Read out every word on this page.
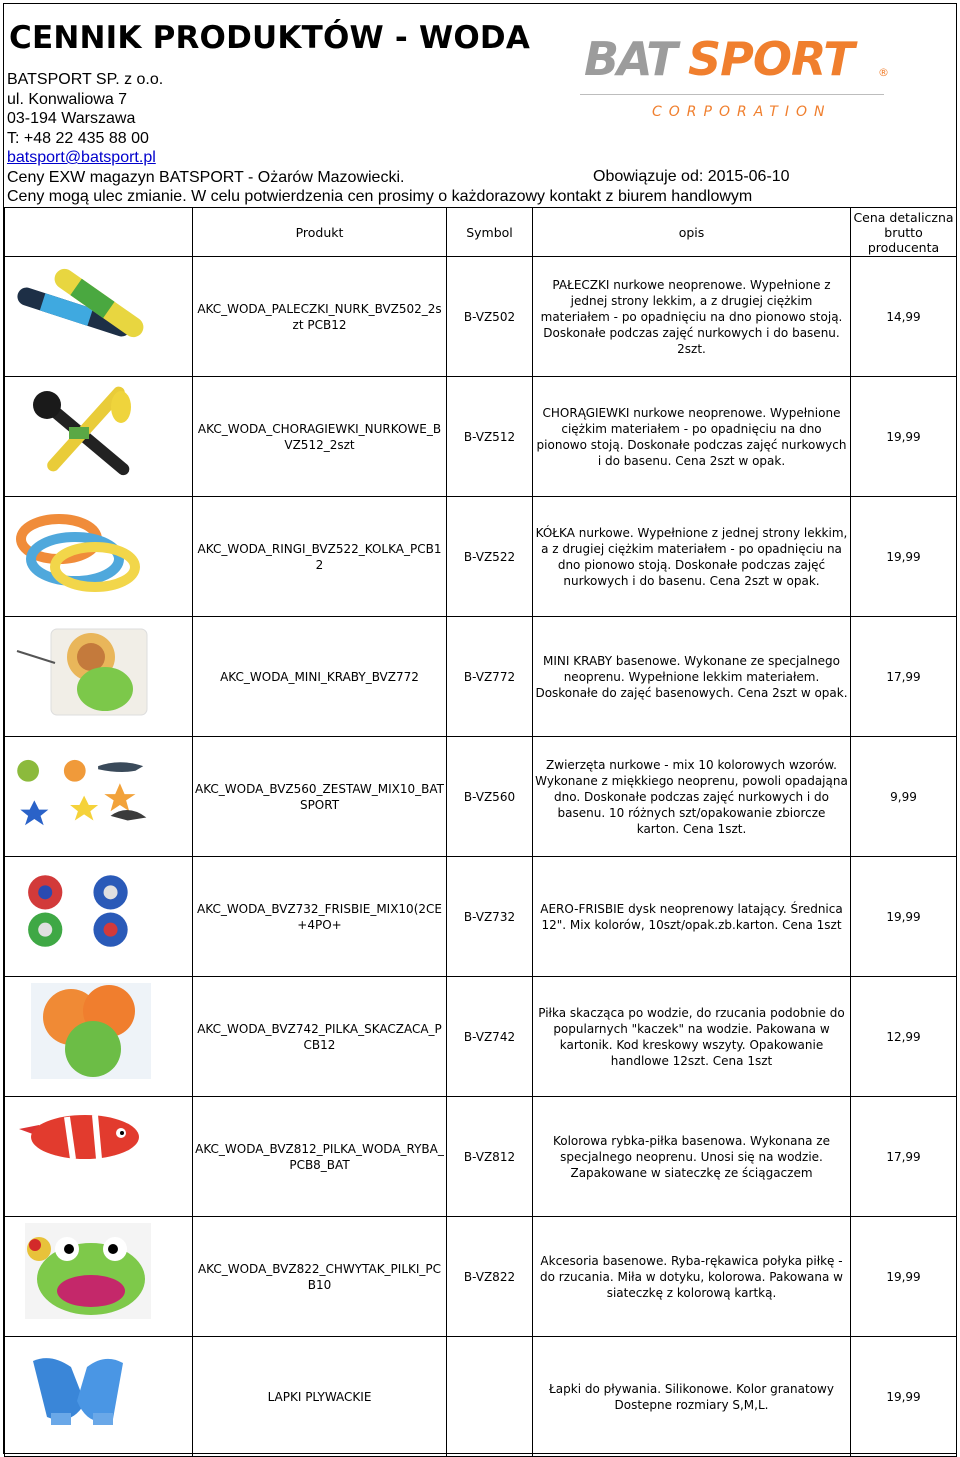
CENNIK PRODUKTÓW - WODA
BATSPORT SP. z o.o.
ul. Konwaliowa 7
03-194 Warszawa
T: +48 22 435 88 00
batsport@batsport.pl
Ceny EXW magazyn BATSPORT - Ożarów Mazowiecki.	Obowiązuje od: 2015-06-10
Ceny mogą ulec zmianie. W celu potwierdzenia cen prosimy o każdorazowy kontakt z biurem handlowym
BAT SPORT ®
CORPORATION
	Produkt	Symbol	opis	Cena detaliczna brutto producenta

	AKC_WODA_PALECZKI_NURK_BVZ502_2szt PCB12	B-VZ502	PAŁECZKI nurkowe neoprenowe. Wypełnione z jednej strony lekkim, a z drugiej ciężkim materiałem - po opadnięciu na dno pionowo stoją. Doskonałe podczas zajęć nurkowych i do basenu. 2szt.	14,99

	AKC_WODA_CHORAGIEWKI_NURKOWE_BVZ512_2szt	B-VZ512	CHORĄGIEWKI nurkowe neoprenowe. Wypełnione ciężkim materiałem - po opadnięciu na dno pionowo stoją. Doskonałe podczas zajęć nurkowych i do basenu. Cena 2szt w opak.	19,99

	AKC_WODA_RINGI_BVZ522_KOLKA_PCB12	B-VZ522	KÓŁKA nurkowe. Wypełnione z jednej strony lekkim, a z drugiej ciężkim materiałem - po opadnięciu na dno pionowo stoją. Doskonałe podczas zajęć nurkowych i do basenu. Cena 2szt w opak.	19,99

	AKC_WODA_MINI_KRABY_BVZ772	B-VZ772	MINI KRABY basenowe. Wykonane ze specjalnego neoprenu. Wypełnione lekkim materiałem. Doskonałe do zajęć basenowych. Cena 2szt w opak.	17,99

	AKC_WODA_BVZ560_ZESTAW_MIX10_BATSPORT	B-VZ560	Zwierzęta nurkowe - mix 10 kolorowych wzorów. Wykonane z miękkiego neoprenu, powoli opadająna dno. Doskonałe podczas zajęć nurkowych i do basenu. 10 różnych szt/opakowanie zbiorcze karton. Cena 1szt.	9,99

	AKC_WODA_BVZ732_FRISBIE_MIX10(2CE+4PO+	B-VZ732	AERO-FRISBIE dysk neoprenowy latający. Średnica 12". Mix kolorów, 10szt/opak.zb.karton. Cena 1szt	19,99

	AKC_WODA_BVZ742_PILKA_SKACZACA_PCB12	B-VZ742	Piłka skacząca po wodzie, do rzucania podobnie do popularnych "kaczek" na wodzie. Pakowana w kartonik. Kod kreskowy wszyty. Opakowanie handlowe 12szt. Cena 1szt	12,99

	AKC_WODA_BVZ812_PILKA_WODA_RYBA_PCB8_BAT	B-VZ812	Kolorowa rybka-piłka basenowa. Wykonana ze specjalnego neoprenu. Unosi się na wodzie. Zapakowane w siateczkę ze ściągaczem	17,99

	AKC_WODA_BVZ822_CHWYTAK_PILKI_PCB10	B-VZ822	Akcesoria basenowe. Ryba-rękawica połyka piłkę - do rzucania. Miła w dotyku, kolorowa. Pakowana w siateczkę z kolorową kartką.	19,99

	LAPKI PLYWACKIE		Łapki do pływania. Silikonowe. Kolor granatowy Dostepne rozmiary S,M,L.	19,99
